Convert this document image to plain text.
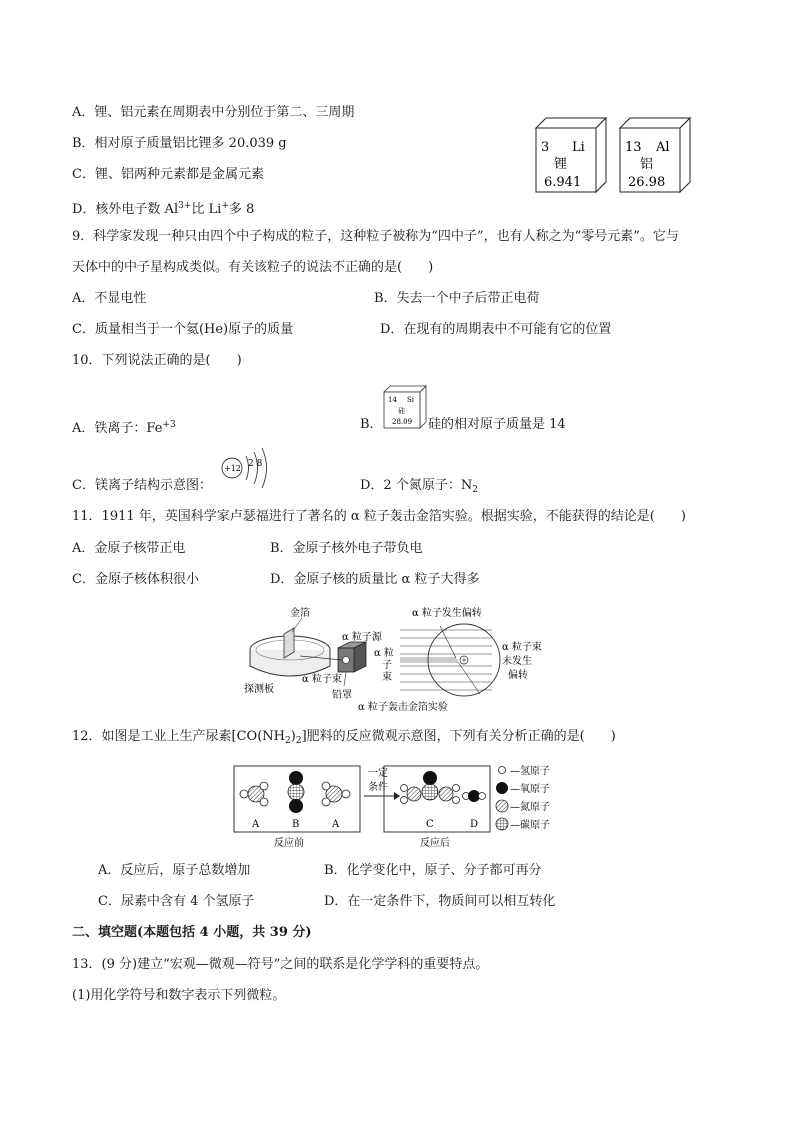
A．锂、铝元素在周期表中分别位于第二、三周期
B．相对原子质量铝比锂多 20.039 g
C．锂、铝两种元素都是金属元素
D．核外电子数 $Al^{3+}$比 Li+多 8
3 Li
锂
6.941
13 Al
铝
26.98
9．科学家发现一种只由四个中子构成的粒子，这种粒子被称为“四中子”，也有人称之为“零号元素”。它与
天体中的中子星构成类似。有关该粒子的说法不正确的是(　　)
A．不显电性	B．失去一个中子后带正电荷
C．质量相当于一个氦(He)原子的质量	D．在现有的周期表中不可能有它的位置
10．下列说法正确的是(　　)
A．铁离子：$Fe^{+3}$	B.
14 Si
硅
28.09 硅的相对原子质量是 14
C．镁离子结构示意图：
+12 2 8
D．2 个氮原子：$N_2$
11．1911 年，英国科学家卢瑟福进行了著名的 α 粒子轰击金箔实验。根据实验，不能获得的结论是(　　)
A．金原子核带正电	B．金原子核外电子带负电
C．金原子核体积很小	D．金原子核的质量比 α 粒子大得多
金箔
α 粒子源
探测板
α 粒子束
铅罩
α 粒子发生偏转
α 粒
子
束
α 粒子束
未发生
偏转
α 粒子轰击金箔实验
12．如图是工业上生产尿素$[CO(NH_2)_2]$肥料的反应微观示意图，下列有关分析正确的是(　　)
A	B	A
反应前
一定
条件
C	D
反应后
—氢原子
—氧原子
—氮原子
—碳原子
A．反应后，原子总数增加	B．化学变化中，原子、分子都可再分
C．尿素中含有 4 个氢原子	D．在一定条件下，物质间可以相互转化
二、填空题(本题包括 4 小题，共 39 分)
13．(9 分)建立“宏观—微观—符号”之间的联系是化学学科的重要特点。
(1)用化学符号和数字表示下列微粒。
